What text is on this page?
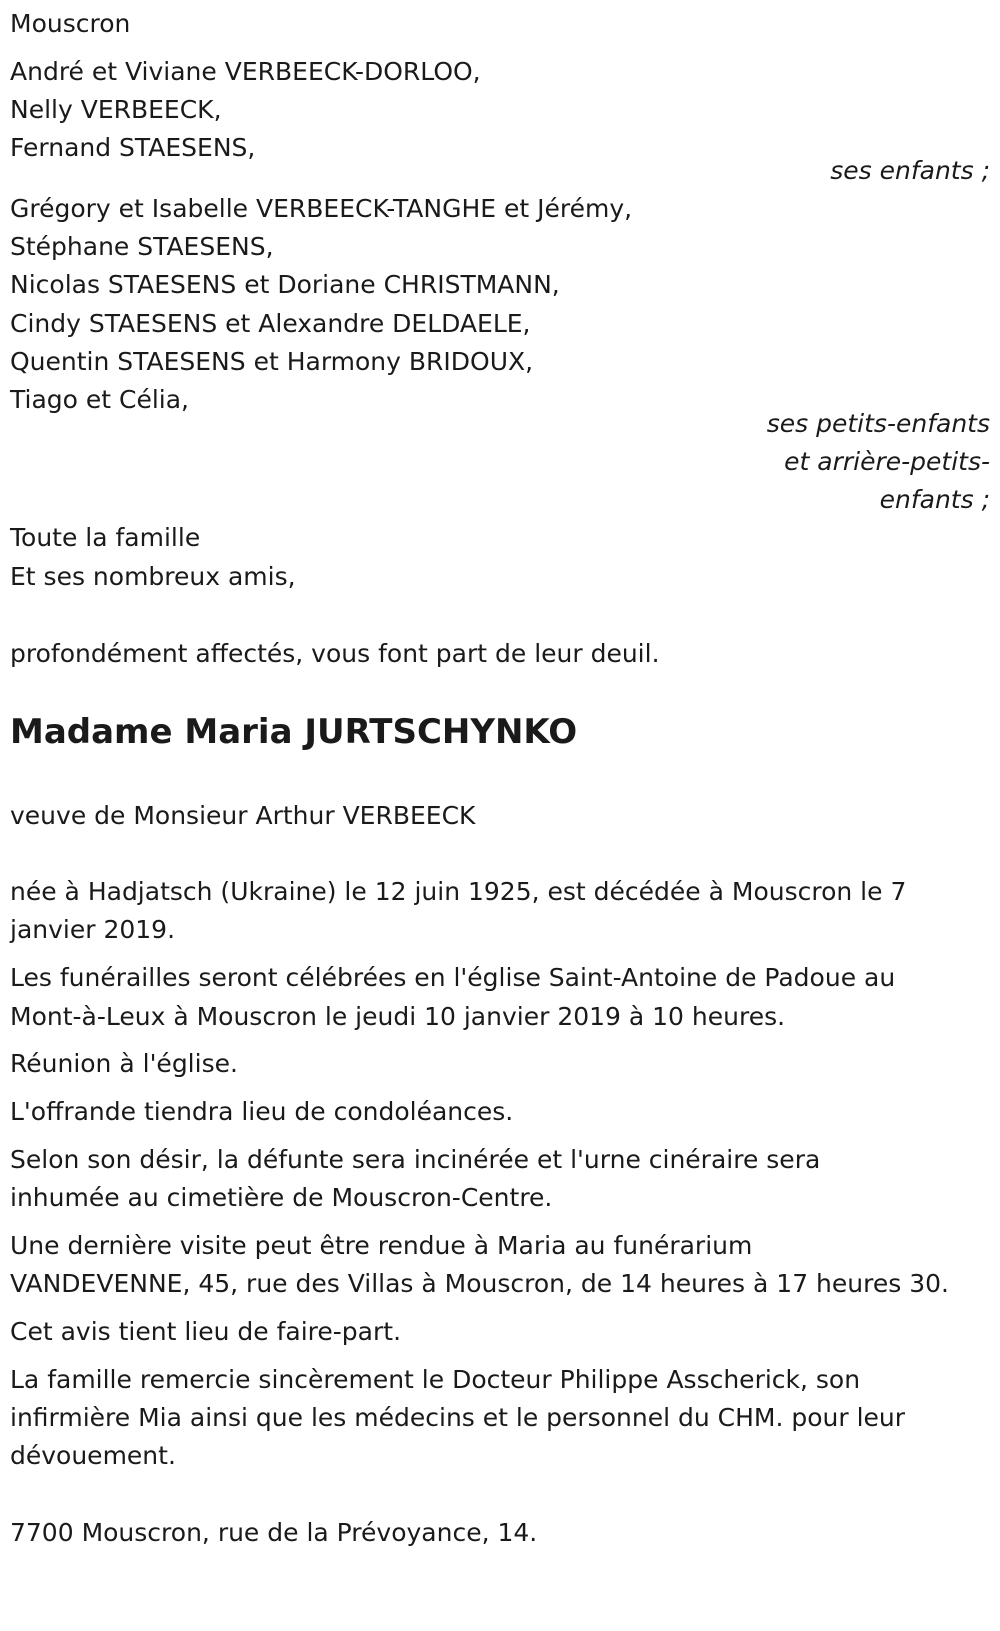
Mouscron
André et Viviane VERBEECK-DORLOO,
Nelly VERBEECK,
Fernand STAESENS,
ses enfants ;
Grégory et Isabelle VERBEECK-TANGHE et Jérémy,
Stéphane STAESENS,
Nicolas STAESENS et Doriane CHRISTMANN,
Cindy STAESENS et Alexandre DELDAELE,
Quentin STAESENS et Harmony BRIDOUX,
Tiago et Célia,
ses petits-enfants
et arrière-petits-
enfants ;
Toute la famille
Et ses nombreux amis,
profondément affectés, vous font part de leur deuil.
Madame Maria JURTSCHYNKO
veuve de Monsieur Arthur VERBEECK
née à Hadjatsch (Ukraine) le 12 juin 1925, est décédée à Mouscron le 7
janvier 2019.
Les funérailles seront célébrées en l'église Saint-Antoine de Padoue au
Mont-à-Leux à Mouscron le jeudi 10 janvier 2019 à 10 heures.
Réunion à l'église.
L'offrande tiendra lieu de condoléances.
Selon son désir, la défunte sera incinérée et l'urne cinéraire sera
inhumée au cimetière de Mouscron-Centre.
Une dernière visite peut être rendue à Maria au funérarium
VANDEVENNE, 45, rue des Villas à Mouscron, de 14 heures à 17 heures 30.
Cet avis tient lieu de faire-part.
La famille remercie sincèrement le Docteur Philippe Asscherick, son
infirmière Mia ainsi que les médecins et le personnel du CHM. pour leur
dévouement.
7700 Mouscron, rue de la Prévoyance, 14.
